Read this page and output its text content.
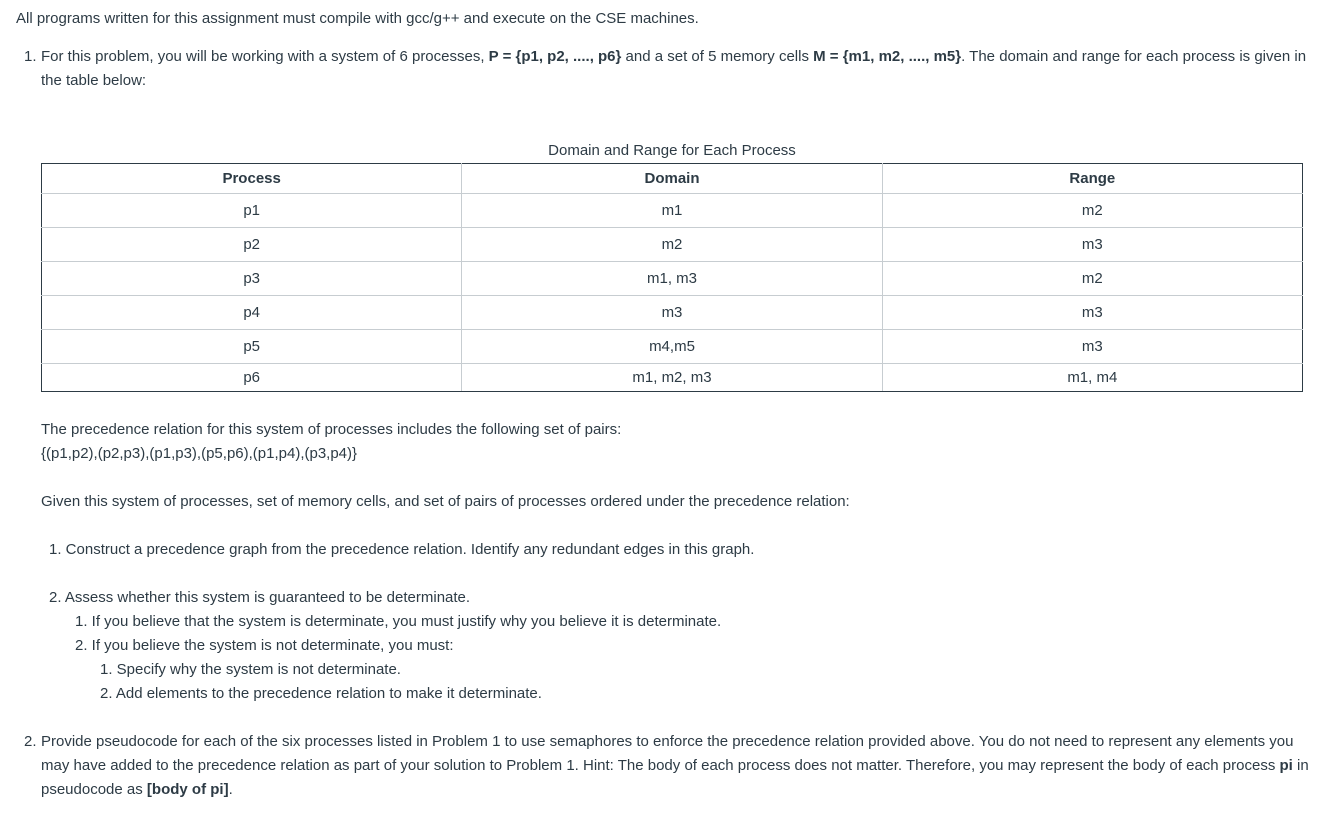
All programs written for this assignment must compile with gcc/g++ and execute on the CSE machines.
1. For this problem, you will be working with a system of 6 processes, P = {p1, p2, ...., p6} and a set of 5 memory cells M = {m1, m2, ...., m5}. The domain and range for each process is given in the table below:
Domain and Range for Each Process
Process	Domain	Range
p1	m1	m2
p2	m2	m3
p3	m1, m3	m2
p4	m3	m3
p5	m4,m5	m3
p6	m1, m2, m3	m1, m4
The precedence relation for this system of processes includes the following set of pairs:
{(p1,p2),(p2,p3),(p1,p3),(p5,p6),(p1,p4),(p3,p4)}
Given this system of processes, set of memory cells, and set of pairs of processes ordered under the precedence relation:
1. Construct a precedence graph from the precedence relation. Identify any redundant edges in this graph.
2. Assess whether this system is guaranteed to be determinate.
1. If you believe that the system is determinate, you must justify why you believe it is determinate.
2. If you believe the system is not determinate, you must:
1. Specify why the system is not determinate.
2. Add elements to the precedence relation to make it determinate.
2. Provide pseudocode for each of the six processes listed in Problem 1 to use semaphores to enforce the precedence relation provided above. You do not need to represent any elements you may have added to the precedence relation as part of your solution to Problem 1. Hint: The body of each process does not matter. Therefore, you may represent the body of each process pi in pseudocode as [body of pi].
